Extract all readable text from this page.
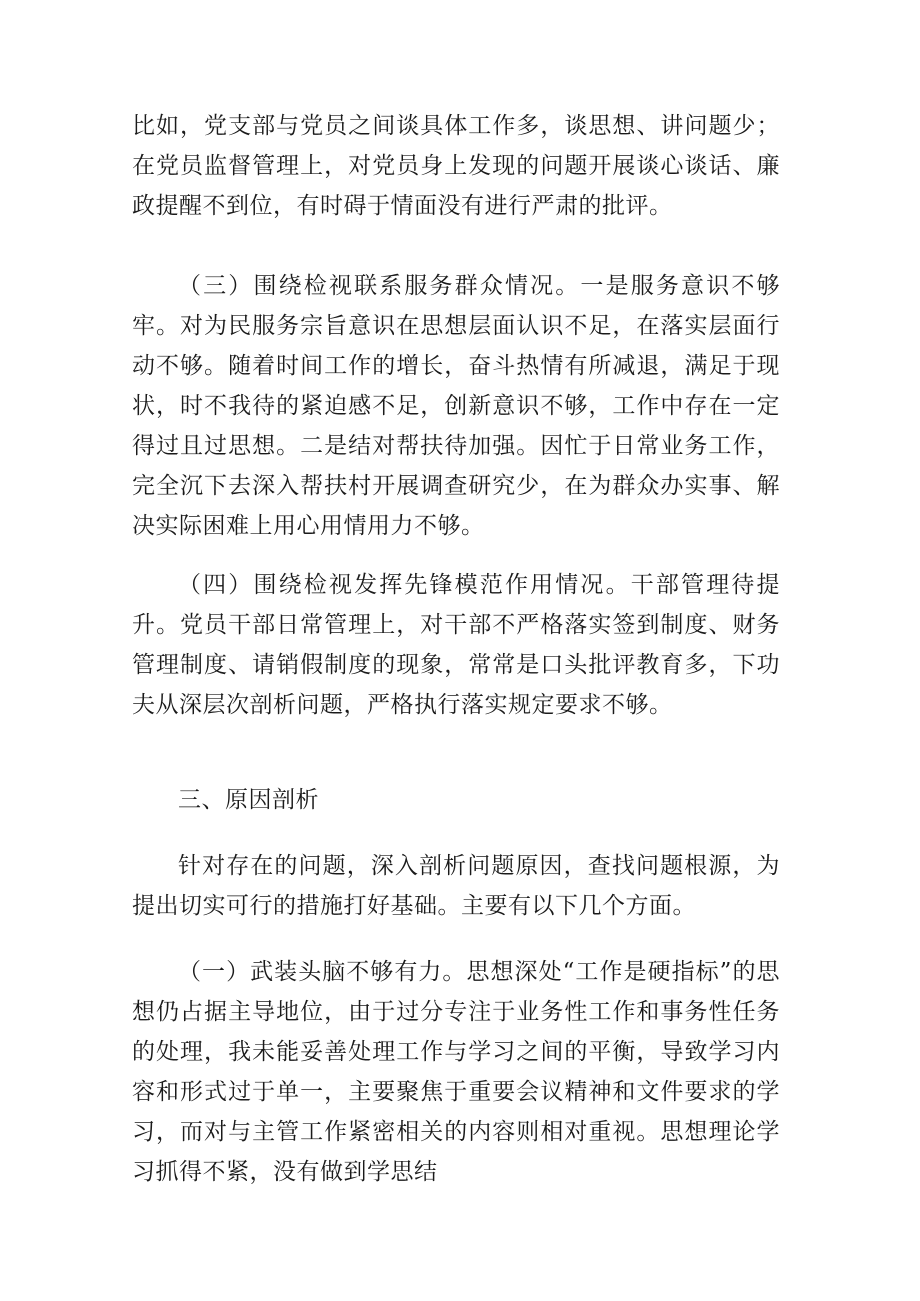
比如，党支部与党员之间谈具体工作多，谈思想、讲问题少；在党员监督管理上，对党员身上发现的问题开展谈心谈话、廉政提醒不到位，有时碍于情面没有进行严肃的批评。
（三）围绕检视联系服务群众情况。一是服务意识不够牢。对为民服务宗旨意识在思想层面认识不足，在落实层面行动不够。随着时间工作的增长，奋斗热情有所减退，满足于现状，时不我待的紧迫感不足，创新意识不够，工作中存在一定得过且过思想。二是结对帮扶待加强。因忙于日常业务工作，完全沉下去深入帮扶村开展调查研究少，在为群众办实事、解决实际困难上用心用情用力不够。
（四）围绕检视发挥先锋模范作用情况。干部管理待提升。党员干部日常管理上，对干部不严格落实签到制度、财务管理制度、请销假制度的现象，常常是口头批评教育多，下功夫从深层次剖析问题，严格执行落实规定要求不够。
三、原因剖析
针对存在的问题，深入剖析问题原因，查找问题根源，为提出切实可行的措施打好基础。主要有以下几个方面。
（一）武装头脑不够有力。思想深处“工作是硬指标”的思想仍占据主导地位，由于过分专注于业务性工作和事务性任务的处理，我未能妥善处理工作与学习之间的平衡，导致学习内容和形式过于单一，主要聚焦于重要会议精神和文件要求的学习，而对与主管工作紧密相关的内容则相对重视。思想理论学习抓得不紧，没有做到学思结
